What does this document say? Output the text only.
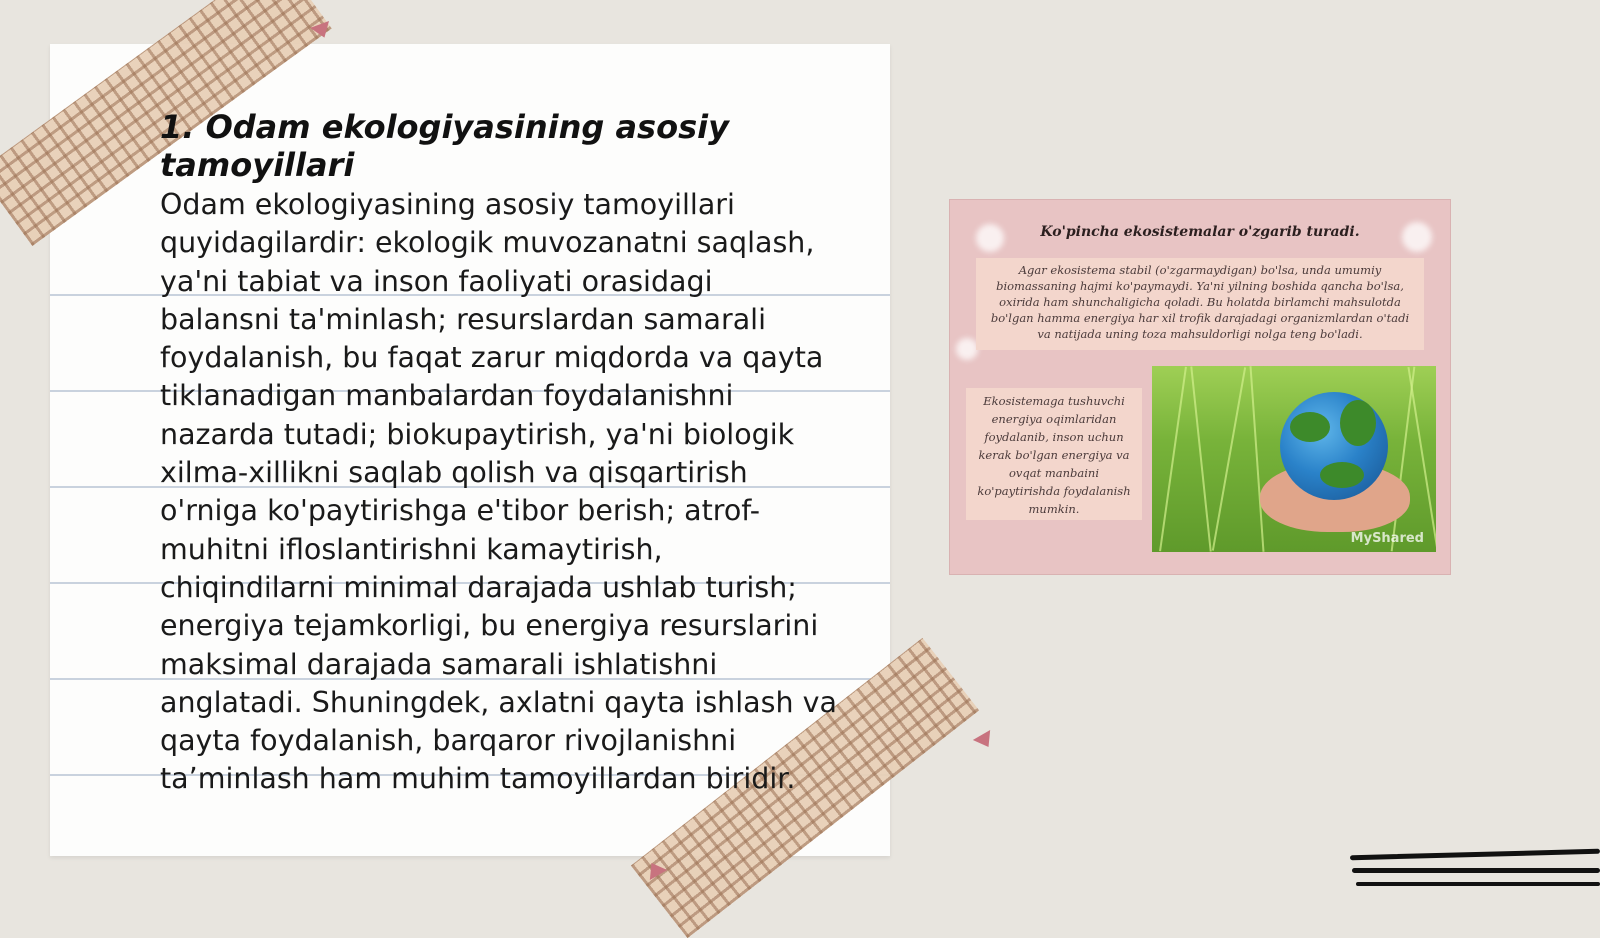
1. Odam ekologiyasining asosiy tamoyillari

Odam ekologiyasining asosiy tamoyillari quyidagilardir: ekologik muvozanatni saqlash, ya'ni tabiat va inson faoliyati orasidagi balansni ta'minlash; resurslardan samarali foydalanish, bu faqat zarur miqdorda va qayta tiklanadigan manbalardan foydalanishni nazarda tutadi; biokupaytirish, ya'ni biologik xilma-xillikni saqlab qolish va qisqartirish o'rniga ko'paytirishga e'tibor berish; atrof-muhitni ifloslantirishni kamaytirish, chiqindilarni minimal darajada ushlab turish; energiya tejamkorligi, bu energiya resurslarini maksimal darajada samarali ishlatishni anglatadi. Shuningdek, axlatni qayta ishlash va qayta foydalanish, barqaror rivojlanishni taʼminlash ham muhim tamoyillardan biridir.

Ko'pincha ekosistemalar o'zgarib turadi.

Agar ekosistema stabil (o'zgarmaydigan) bo'lsa, unda umumiy biomassaning hajmi ko'paymaydi. Ya'ni yilning boshida qancha bo'lsa, oxirida ham shunchaligicha qoladi. Bu holatda birlamchi mahsulotda bo'lgan hamma energiya har xil trofik darajadagi organizmlardan o'tadi va natijada uning toza mahsuldorligi nolga teng bo'ladi.

Ekosistemaga tushuvchi energiya oqimlaridan foydalanib, inson uchun kerak bo'lgan energiya va ovqat manbaini ko'paytirishda foydalanish mumkin.

MyShared
